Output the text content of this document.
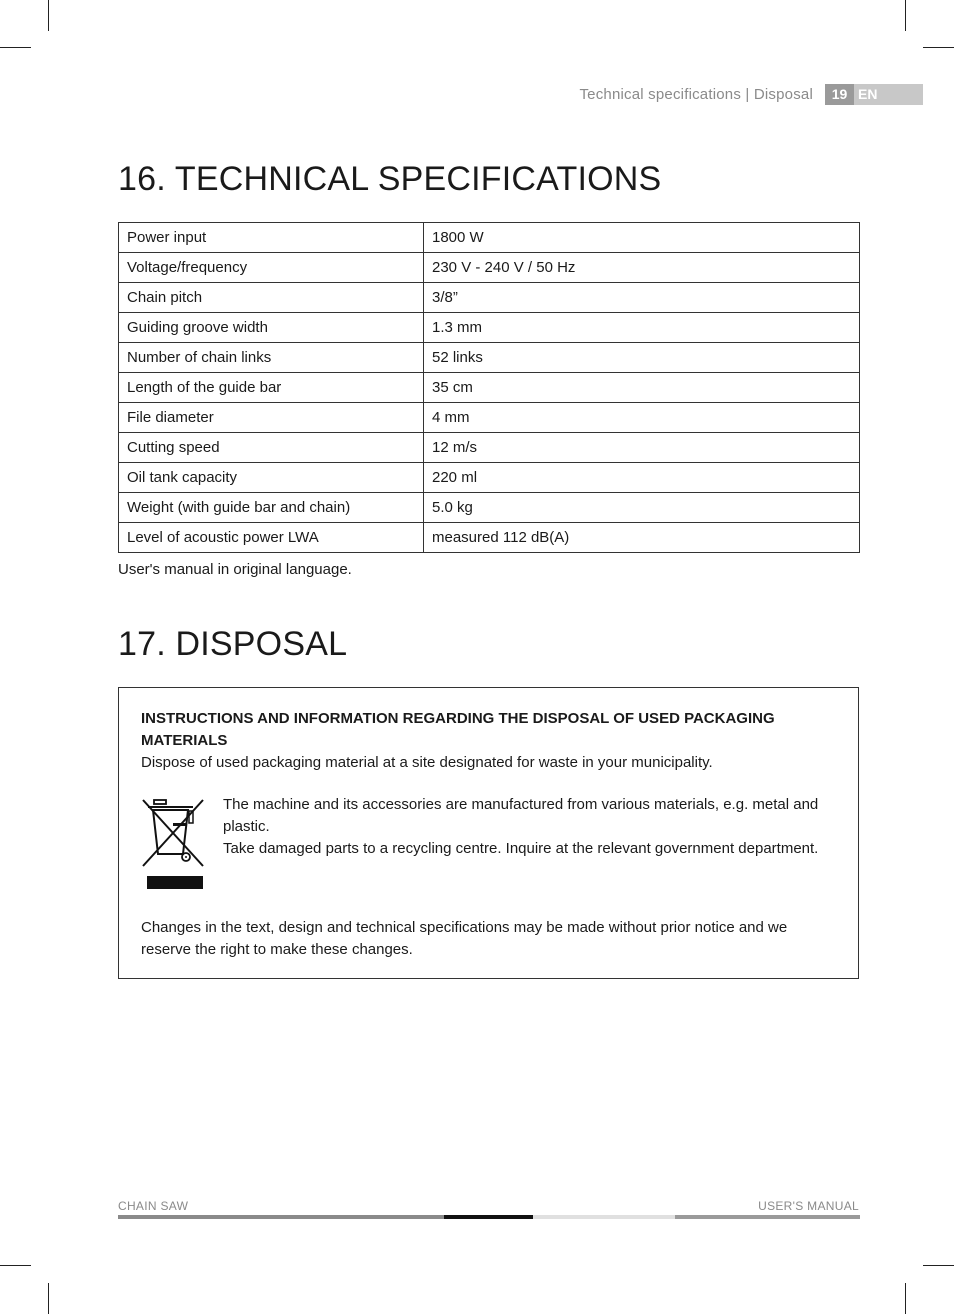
Technical specifications | Disposal	19 EN
16. TECHNICAL SPECIFICATIONS
Power input	1800 W
Voltage/frequency	230 V - 240 V / 50 Hz
Chain pitch	3/8”
Guiding groove width	1.3 mm
Number of chain links	52 links
Length of the guide bar	35 cm
File diameter	4 mm
Cutting speed	12 m/s
Oil tank capacity	220 ml
Weight (with guide bar and chain)	5.0 kg
Level of acoustic power LWA	measured 112 dB(A)
User's manual in original language.
17. DISPOSAL
INSTRUCTIONS AND INFORMATION REGARDING THE DISPOSAL OF USED PACKAGING MATERIALS
Dispose of used packaging material at a site designated for waste in your municipality.
The machine and its accessories are manufactured from various materials, e.g. metal and plastic.
Take damaged parts to a recycling centre. Inquire at the relevant government department.
Changes in the text, design and technical specifications may be made without prior notice and we reserve the right to make these changes.
CHAIN SAW	USER'S MANUAL
